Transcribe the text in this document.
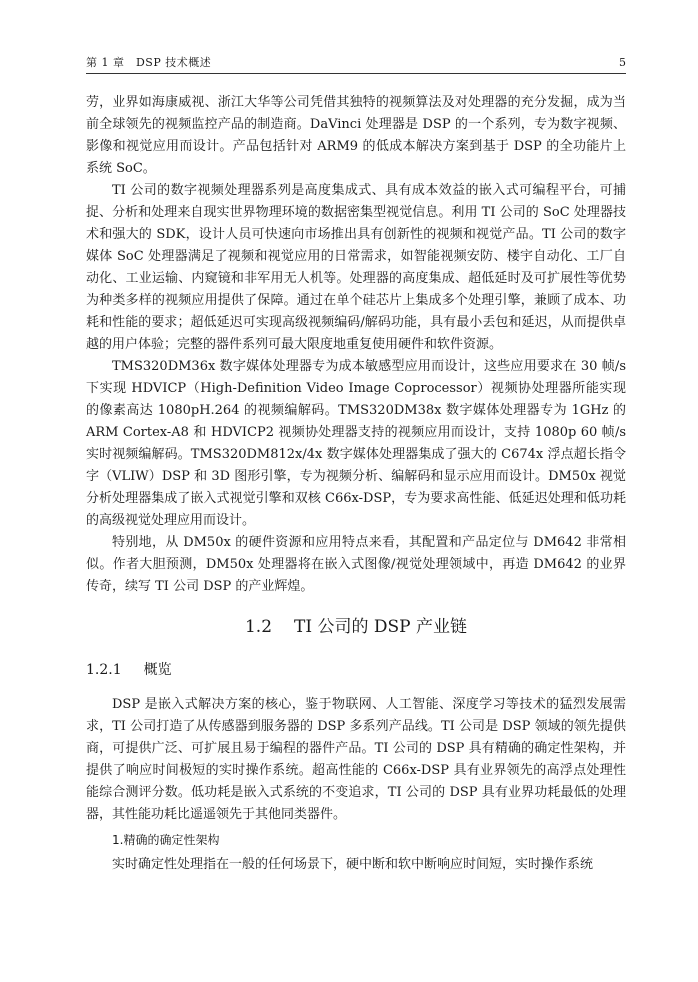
第 1 章　DSP 技术概述	5

劳，业界如海康威视、浙江大华等公司凭借其独特的视频算法及对处理器的充分发掘，成为当前全球领先的视频监控产品的制造商。DaVinci 处理器是 DSP 的一个系列，专为数字视频、影像和视觉应用而设计。产品包括针对 ARM9 的低成本解决方案到基于 DSP 的全功能片上系统 SoC。

TI 公司的数字视频处理器系列是高度集成式、具有成本效益的嵌入式可编程平台，可捕捉、分析和处理来自现实世界物理环境的数据密集型视觉信息。利用 TI 公司的 SoC 处理器技术和强大的 SDK，设计人员可快速向市场推出具有创新性的视频和视觉产品。TI 公司的数字媒体 SoC 处理器满足了视频和视觉应用的日常需求，如智能视频安防、楼宇自动化、工厂自动化、工业运输、内窥镜和非军用无人机等。处理器的高度集成、超低延时及可扩展性等优势为种类多样的视频应用提供了保障。通过在单个硅芯片上集成多个处理引擎，兼顾了成本、功耗和性能的要求；超低延迟可实现高级视频编码/解码功能，具有最小丢包和延迟，从而提供卓越的用户体验；完整的器件系列可最大限度地重复使用硬件和软件资源。

TMS320DM36x 数字媒体处理器专为成本敏感型应用而设计，这些应用要求在 30 帧/s 下实现 HDVICP（High-Definition Video Image Coprocessor）视频协处理器所能实现的像素高达 1080pH.264 的视频编解码。TMS320DM38x 数字媒体处理器专为 1GHz 的 ARM Cortex-A8 和 HDVICP2 视频协处理器支持的视频应用而设计，支持 1080p 60 帧/s 实时视频编解码。TMS320DM812x/4x 数字媒体处理器集成了强大的 C674x 浮点超长指令字（VLIW）DSP 和 3D 图形引擎，专为视频分析、编解码和显示应用而设计。DM50x 视觉分析处理器集成了嵌入式视觉引擎和双核 C66x-DSP，专为要求高性能、低延迟处理和低功耗的高级视觉处理应用而设计。

特别地，从 DM50x 的硬件资源和应用特点来看，其配置和产品定位与 DM642 非常相似。作者大胆预测，DM50x 处理器将在嵌入式图像/视觉处理领域中，再造 DM642 的业界传奇，续写 TI 公司 DSP 的产业辉煌。

1.2 TI 公司的 DSP 产业链
1.2.1 概览

DSP 是嵌入式解决方案的核心，鉴于物联网、人工智能、深度学习等技术的猛烈发展需求，TI 公司打造了从传感器到服务器的 DSP 多系列产品线。TI 公司是 DSP 领域的领先提供商，可提供广泛、可扩展且易于编程的器件产品。TI 公司的 DSP 具有精确的确定性架构，并提供了响应时间极短的实时操作系统。超高性能的 C66x-DSP 具有业界领先的高浮点处理性能综合测评分数。低功耗是嵌入式系统的不变追求，TI 公司的 DSP 具有业界功耗最低的处理器，其性能功耗比遥遥领先于其他同类器件。

1.精确的确定性架构

实时确定性处理指在一般的任何场景下，硬中断和软中断响应时间短，实时操作系统
